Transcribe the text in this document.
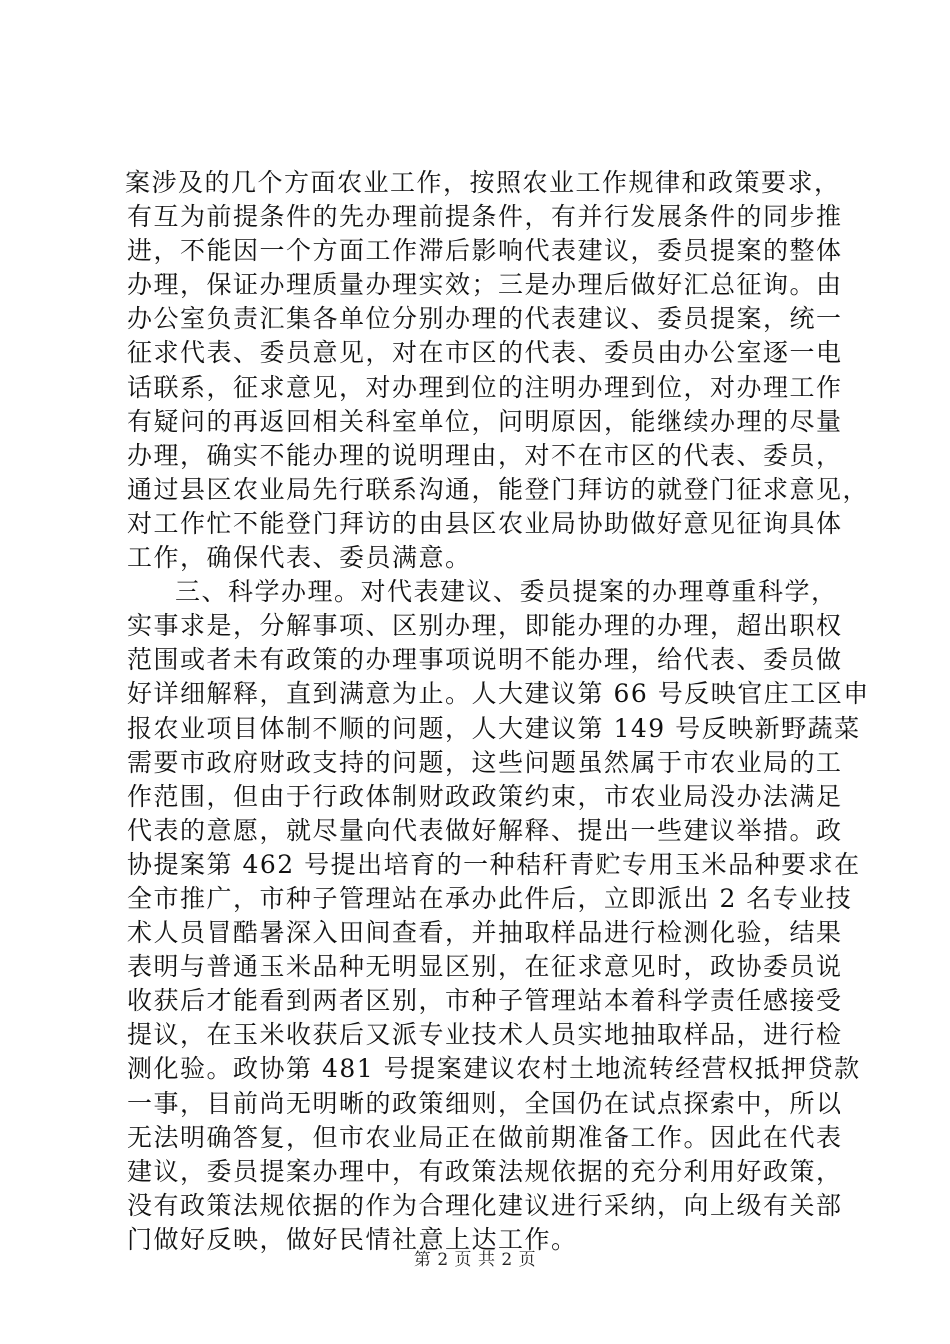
案涉及的几个方面农业工作，按照农业工作规律和政策要求，
有互为前提条件的先办理前提条件，有并行发展条件的同步推
进，不能因一个方面工作滞后影响代表建议，委员提案的整体
办理，保证办理质量办理实效；三是办理后做好汇总征询。由
办公室负责汇集各单位分别办理的代表建议、委员提案，统一
征求代表、委员意见，对在市区的代表、委员由办公室逐一电
话联系，征求意见，对办理到位的注明办理到位，对办理工作
有疑问的再返回相关科室单位，问明原因，能继续办理的尽量
办理，确实不能办理的说明理由，对不在市区的代表、委员，
通过县区农业局先行联系沟通，能登门拜访的就登门征求意见，
对工作忙不能登门拜访的由县区农业局协助做好意见征询具体
工作，确保代表、委员满意。
三、科学办理。对代表建议、委员提案的办理尊重科学，
实事求是，分解事项、区别办理，即能办理的办理，超出职权
范围或者未有政策的办理事项说明不能办理，给代表、委员做
好详细解释，直到满意为止。人大建议第 66 号反映官庄工区申
报农业项目体制不顺的问题，人大建议第 149 号反映新野蔬菜
需要市政府财政支持的问题，这些问题虽然属于市农业局的工
作范围，但由于行政体制财政政策约束，市农业局没办法满足
代表的意愿，就尽量向代表做好解释、提出一些建议举措。政
协提案第 462 号提出培育的一种秸秆青贮专用玉米品种要求在
全市推广，市种子管理站在承办此件后，立即派出 2 名专业技
术人员冒酷暑深入田间查看，并抽取样品进行检测化验，结果
表明与普通玉米品种无明显区别，在征求意见时，政协委员说
收获后才能看到两者区别，市种子管理站本着科学责任感接受
提议，在玉米收获后又派专业技术人员实地抽取样品，进行检
测化验。政协第 481 号提案建议农村土地流转经营权抵押贷款
一事，目前尚无明晰的政策细则，全国仍在试点探索中，所以
无法明确答复，但市农业局正在做前期准备工作。因此在代表
建议，委员提案办理中，有政策法规依据的充分利用好政策，
没有政策法规依据的作为合理化建议进行采纳，向上级有关部
门做好反映，做好民情社意上达工作。
第 2 页 共 2 页
